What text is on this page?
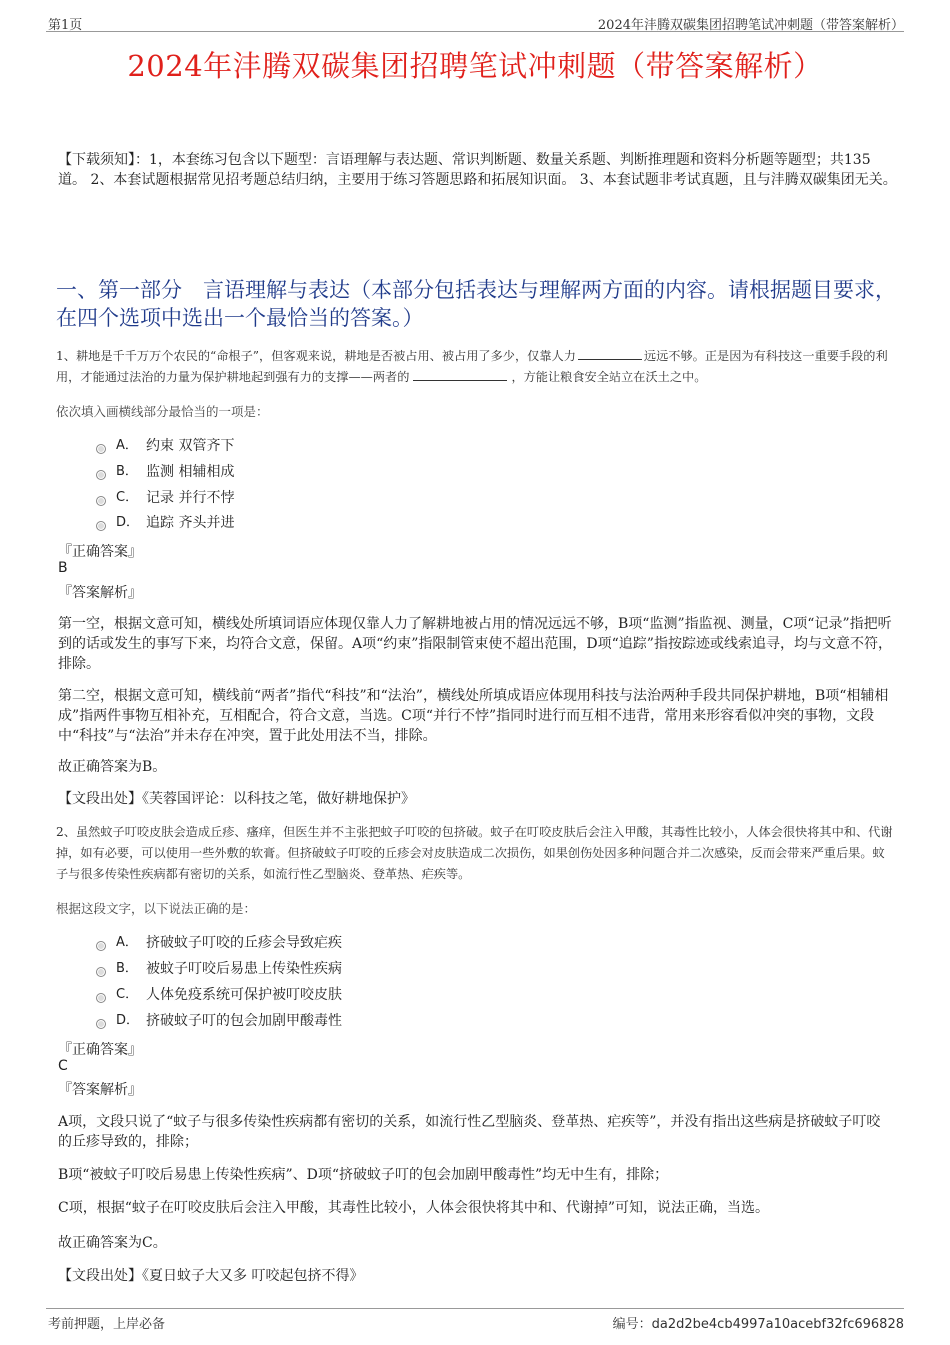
第1页	2024年沣腾双碳集团招聘笔试冲刺题（带答案解析）
2024年沣腾双碳集团招聘笔试冲刺题（带答案解析）
【下载须知】：1，本套练习包含以下题型：言语理解与表达题、常识判断题、数量关系题、判断推理题和资料分析题等题型；共135道。 2、本套试题根据常见招考题总结归纳，主要用于练习答题思路和拓展知识面。 3、本套试题非考试真题，且与沣腾双碳集团无关。
一、第一部分　言语理解与表达（本部分包括表达与理解两方面的内容。请根据题目要求，在四个选项中选出一个最恰当的答案。）
1、耕地是千千万万个农民的“命根子”，但客观来说，耕地是否被占用、被占用了多少，仅靠人力	远远不够。正是因为有科技这一重要手段的利用，才能通过法治的力量为保护耕地起到强有力的支撑——两者的	，方能让粮食安全站立在沃土之中。
依次填入画横线部分最恰当的一项是：
A． 约束 双管齐下
B． 监测 相辅相成
C． 记录 并行不悖
D． 追踪 齐头并进
『正确答案』
B
『答案解析』
第一空，根据文意可知，横线处所填词语应体现仅靠人力了解耕地被占用的情况远远不够，B项“监测”指监视、测量，C项“记录”指把听到的话或发生的事写下来，均符合文意，保留。A项“约束”指限制管束使不超出范围，D项“追踪”指按踪迹或线索追寻，均与文意不符，排除。
第二空，根据文意可知，横线前“两者”指代“科技”和“法治”，横线处所填成语应体现用科技与法治两种手段共同保护耕地，B项“相辅相成”指两件事物互相补充，互相配合，符合文意，当选。C项“并行不悖”指同时进行而互相不违背，常用来形容看似冲突的事物，文段中“科技”与“法治”并未存在冲突，置于此处用法不当，排除。
故正确答案为B。
【文段出处】《芙蓉国评论：以科技之笔，做好耕地保护》
2、虽然蚊子叮咬皮肤会造成丘疹、瘙痒，但医生并不主张把蚊子叮咬的包挤破。蚊子在叮咬皮肤后会注入甲酸，其毒性比较小，人体会很快将其中和、代谢掉，如有必要，可以使用一些外敷的软膏。但挤破蚊子叮咬的丘疹会对皮肤造成二次损伤，如果创伤处因多种问题合并二次感染，反而会带来严重后果。蚊子与很多传染性疾病都有密切的关系，如流行性乙型脑炎、登革热、疟疾等。
根据这段文字，以下说法正确的是：
A． 挤破蚊子叮咬的丘疹会导致疟疾
B． 被蚊子叮咬后易患上传染性疾病
C． 人体免疫系统可保护被叮咬皮肤
D． 挤破蚊子叮的包会加剧甲酸毒性
『正确答案』
C
『答案解析』
A项，文段只说了“蚊子与很多传染性疾病都有密切的关系，如流行性乙型脑炎、登革热、疟疾等”，并没有指出这些病是挤破蚊子叮咬的丘疹导致的，排除；
B项“被蚊子叮咬后易患上传染性疾病”、D项“挤破蚊子叮的包会加剧甲酸毒性”均无中生有，排除；
C项，根据“蚊子在叮咬皮肤后会注入甲酸，其毒性比较小，人体会很快将其中和、代谢掉”可知，说法正确，当选。
故正确答案为C。
【文段出处】《夏日蚊子大又多 叮咬起包挤不得》
考前押题，上岸必备	编号：da2d2be4cb4997a10acebf32fc696828
